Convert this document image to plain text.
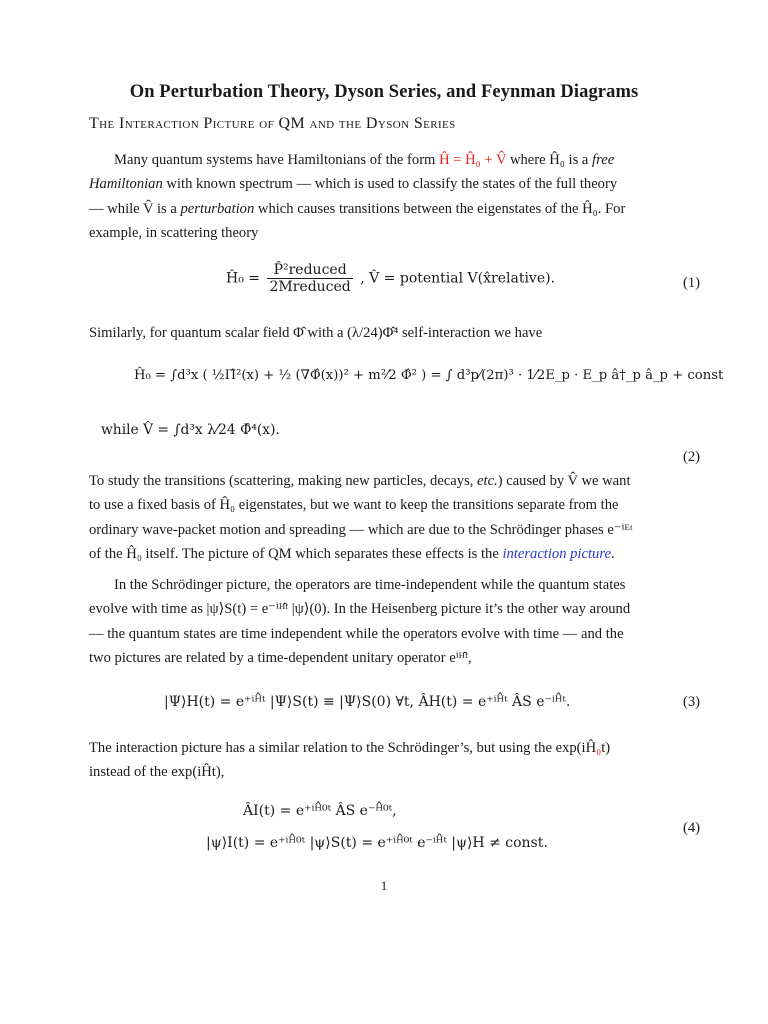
On Perturbation Theory, Dyson Series, and Feynman Diagrams
The Interaction Picture of QM and the Dyson Series
Many quantum systems have Hamiltonians of the form Ĥ = Ĥ₀ + V̂ where Ĥ₀ is a free
Hamiltonian with known spectrum — which is used to classify the states of the full theory
— while V̂ is a perturbation which causes transitions between the eigenstates of the Ĥ₀. For
example, in scattering theory
Ĥ₀ = $\frac{\text{P̂²reduced}}{\text{2Mreduced}}$ , V̂ = potential V(x̂relative).	(1)
Similarly, for quantum scalar field Φ̂ with a (λ/24)Φ̂⁴ self-interaction we have
Ĥ₀ = ∫d³x ( ½Π̂²(x) + ½ (∇Φ̂(x))² + m²⁄2 Φ̂² ) = ∫ d³p⁄(2π)³ · 1⁄2E_p · E_p â†_p â_p + const
while V̂ = ∫d³x λ⁄24 Φ̂⁴(x).
(2)
To study the transitions (scattering, making new particles, decays, etc.) caused by V̂ we want
to use a fixed basis of Ĥ₀ eigenstates, but we want to keep the transitions separate from the
ordinary wave-packet motion and spreading — which are due to the Schrödinger phases e⁻ⁱᴱᵗ
of the Ĥ₀ itself. The picture of QM which separates these effects is the interaction picture.
In the Schrödinger picture, the operators are time-independent while the quantum states
evolve with time as |ψ⟩S(t) = e⁻ⁱᴴ̂ᵗ |ψ⟩(0). In the Heisenberg picture it’s the other way around
— the quantum states are time independent while the operators evolve with time — and the
two pictures are related by a time-dependent unitary operator eⁱᴴ̂ᵗ,
|Ψ⟩H(t) = e⁺ⁱᴴ̂ᵗ |Ψ⟩S(t) ≡ |Ψ⟩S(0) ∀t, ÂH(t) = e⁺ⁱᴴ̂ᵗ ÂS e⁻ⁱᴴ̂ᵗ.	(3)
The interaction picture has a similar relation to the Schrödinger’s, but using the exp(iĤ₀t)
instead of the exp(iĤt),
ÂI(t) = e⁺ⁱᴴ̂⁰ᵗ ÂS e⁻ᴴ̂⁰ᵗ,
|ψ⟩I(t) = e⁺ⁱᴴ̂⁰ᵗ |ψ⟩S(t) = e⁺ⁱᴴ̂⁰ᵗ e⁻ⁱᴴ̂ᵗ |ψ⟩H ≠ const.
(4)
1
